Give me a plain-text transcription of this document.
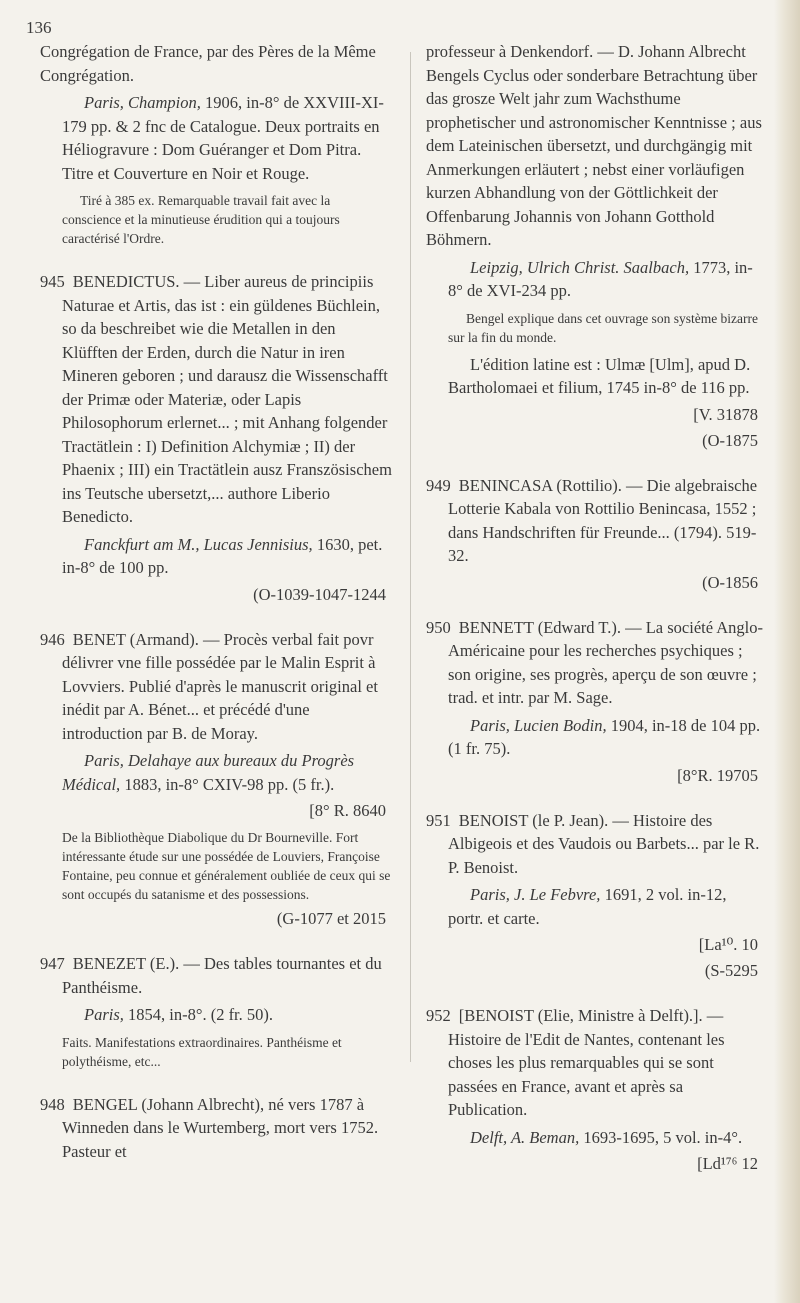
136

Congrégation de France, par des Pères de la Même Congrégation.

Paris, Champion, 1906, in-8° de XXVIII-XI-179 pp. & 2 fnc de Catalogue. Deux portraits en Héliogravure : Dom Guéranger et Dom Pitra. Titre et Couverture en Noir et Rouge.

Tiré à 385 ex. Remarquable travail fait avec la conscience et la minutieuse érudition qui a toujours caractérisé l'Ordre.

945 BENEDICTUS. — Liber aureus de principiis Naturae et Artis, das ist : ein güldenes Büchlein, so da beschreibet wie die Metallen in den Klüfften der Erden, durch die Natur in iren Mineren geboren ; und darausz die Wissenschafft der Primæ oder Materiæ, oder Lapis Philosophorum erlernet... ; mit Anhang folgender Tractätlein : I) Definition Alchymiæ ; II) der Phaenix ; III) ein Tractätlein ausz Franszösischem ins Teutsche ubersetzt,... authore Liberio Benedicto.

Fanckfurt am M., Lucas Jennisius, 1630, pet. in-8° de 100 pp.

(O-1039-1047-1244

946 BENET (Armand). — Procès verbal fait povr délivrer vne fille possédée par le Malin Esprit à Lovviers. Publié d'après le manuscrit original et inédit par A. Bénet... et précédé d'une introduction par B. de Moray.

Paris, Delahaye aux bureaux du Progrès Médical, 1883, in-8° CXIV-98 pp. (5 fr.).

[8° R. 8640

De la Bibliothèque Diabolique du Dr Bourneville. Fort intéressante étude sur une possédée de Louviers, Françoise Fontaine, peu connue et généralement oubliée de ceux qui se sont occupés du satanisme et des possessions.

(G-1077 et 2015

947 BENEZET (E.). — Des tables tournantes et du Panthéisme.

Paris, 1854, in-8°. (2 fr. 50).

Faits. Manifestations extraordinaires. Panthéisme et polythéisme, etc...

948 BENGEL (Johann Albrecht), né vers 1787 à Winneden dans le Wurtemberg, mort vers 1752. Pasteur et

professeur à Denkendorf. — D. Johann Albrecht Bengels Cyclus oder sonderbare Betrachtung über das grosze Welt jahr zum Wachsthume prophetischer und astronomischer Kenntnisse ; aus dem Lateinischen übersetzt, und durchgängig mit Anmerkungen erläutert ; nebst einer vorläufigen kurzen Abhandlung von der Göttlichkeit der Offenbarung Johannis von Johann Gotthold Böhmern.

Leipzig, Ulrich Christ. Saalbach, 1773, in-8° de XVI-234 pp.

Bengel explique dans cet ouvrage son système bizarre sur la fin du monde.

L'édition latine est : Ulmæ [Ulm], apud D. Bartholomaei et filium, 1745 in-8° de 116 pp.

[V. 31878

(O-1875

949 BENINCASA (Rottilio). — Die algebraische Lotterie Kabala von Rottilio Benincasa, 1552 ; dans Handschriften für Freunde... (1794). 519-32.

(O-1856

950 BENNETT (Edward T.). — La société Anglo-Américaine pour les recherches psychiques ; son origine, ses progrès, aperçu de son œuvre ; trad. et intr. par M. Sage.

Paris, Lucien Bodin, 1904, in-18 de 104 pp. (1 fr. 75).

[8°R. 19705

951 BENOIST (le P. Jean). — Histoire des Albigeois et des Vaudois ou Barbets... par le R. P. Benoist.

Paris, J. Le Febvre, 1691, 2 vol. in-12, portr. et carte.

[La¹⁰. 10

(S-5295

952 [BENOIST (Elie, Ministre à Delft).]. — Histoire de l'Edit de Nantes, contenant les choses les plus remarquables qui se sont passées en France, avant et après sa Publication.

Delft, A. Beman, 1693-1695, 5 vol. in-4°.

[Ld¹⁷⁶ 12
